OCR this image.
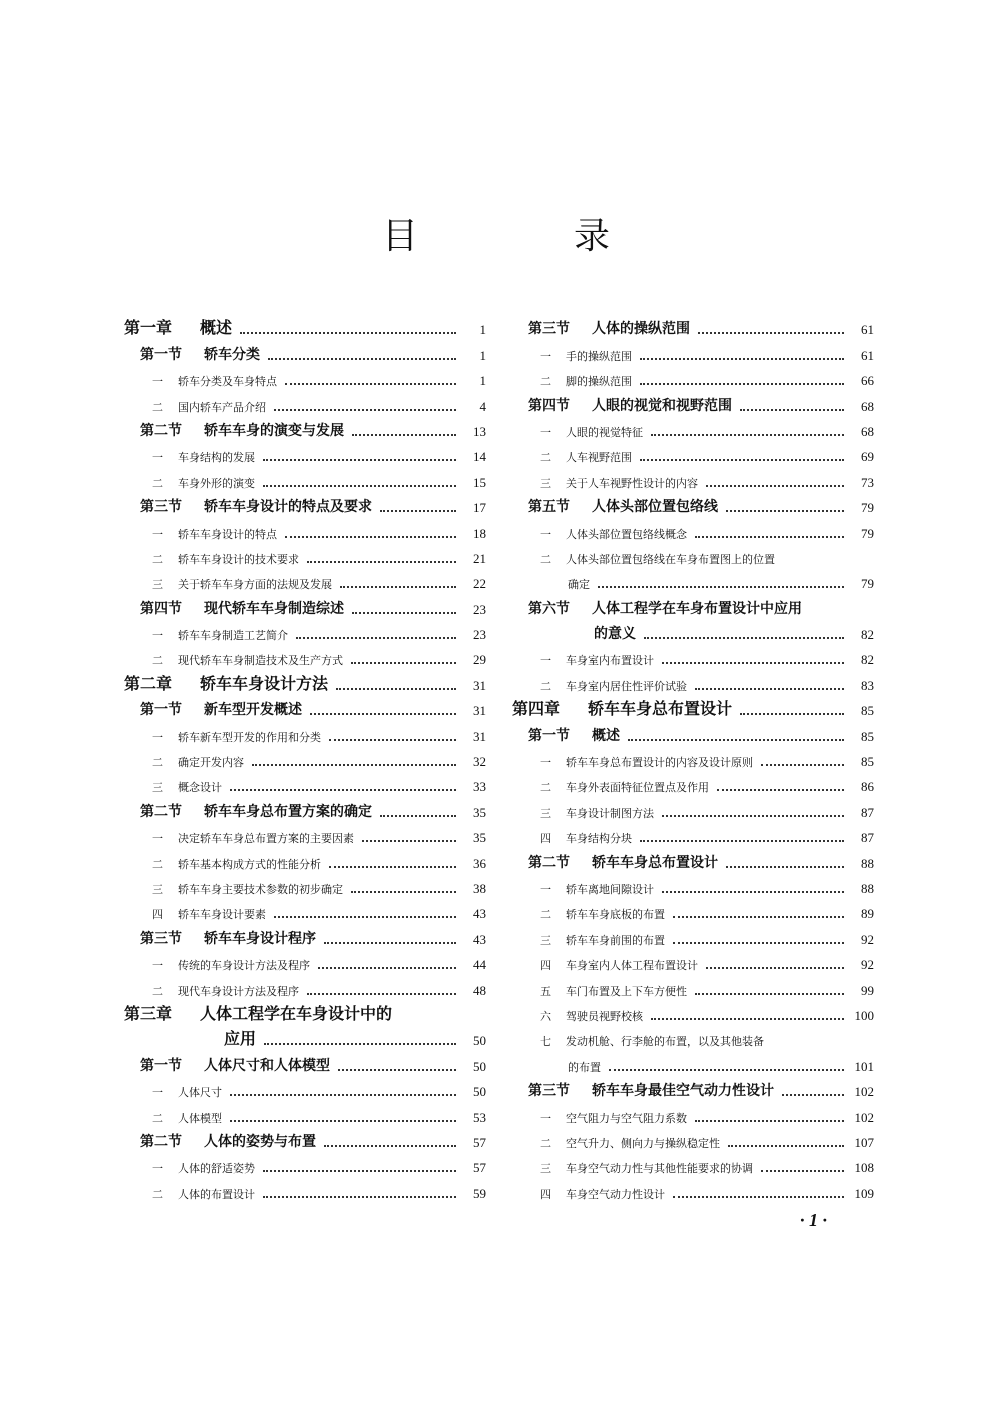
目　录
第一章	概述	1
第一节	轿车分类	1
一	轿车分类及车身特点	1
二	国内轿车产品介绍	4
第二节	轿车车身的演变与发展	13
一	车身结构的发展	14
二	车身外形的演变	15
第三节	轿车车身设计的特点及要求	17
一	轿车车身设计的特点	18
二	轿车车身设计的技术要求	21
三	关于轿车车身方面的法规及发展	22
第四节	现代轿车车身制造综述	23
一	轿车车身制造工艺简介	23
二	现代轿车车身制造技术及生产方式	29
第二章	轿车车身设计方法	31
第一节	新车型开发概述	31
一	轿车新车型开发的作用和分类	31
二	确定开发内容	32
三	概念设计	33
第二节	轿车车身总布置方案的确定	35
一	决定轿车车身总布置方案的主要因素	35
二	轿车基本构成方式的性能分析	36
三	轿车车身主要技术参数的初步确定	38
四	轿车车身设计要素	43
第三节	轿车车身设计程序	43
一	传统的车身设计方法及程序	44
二	现代车身设计方法及程序	48
第三章	人体工程学在车身设计中的
应用	50
第一节	人体尺寸和人体模型	50
一	人体尺寸	50
二	人体模型	53
第二节	人体的姿势与布置	57
一	人体的舒适姿势	57
二	人体的布置设计	59
第三节	人体的操纵范围	61
一	手的操纵范围	61
二	脚的操纵范围	66
第四节	人眼的视觉和视野范围	68
一	人眼的视觉特征	68
二	人车视野范围	69
三	关于人车视野性设计的内容	73
第五节	人体头部位置包络线	79
一	人体头部位置包络线概念	79
二	人体头部位置包络线在车身布置图上的位置
确定	79
第六节	人体工程学在车身布置设计中应用
的意义	82
一	车身室内布置设计	82
二	车身室内居住性评价试验	83
第四章	轿车车身总布置设计	85
第一节	概述	85
一	轿车车身总布置设计的内容及设计原则	85
二	车身外表面特征位置点及作用	86
三	车身设计制图方法	87
四	车身结构分块	87
第二节	轿车车身总布置设计	88
一	轿车离地间隙设计	88
二	轿车车身底板的布置	89
三	轿车车身前围的布置	92
四	车身室内人体工程布置设计	92
五	车门布置及上下车方便性	99
六	驾驶员视野校核	100
七	发动机舱、行李舱的布置，以及其他装备
的布置	101
第三节	轿车车身最佳空气动力性设计	102
一	空气阻力与空气阻力系数	102
二	空气升力、侧向力与操纵稳定性	107
三	车身空气动力性与其他性能要求的协调	108
四	车身空气动力性设计	109
· 1 ·
